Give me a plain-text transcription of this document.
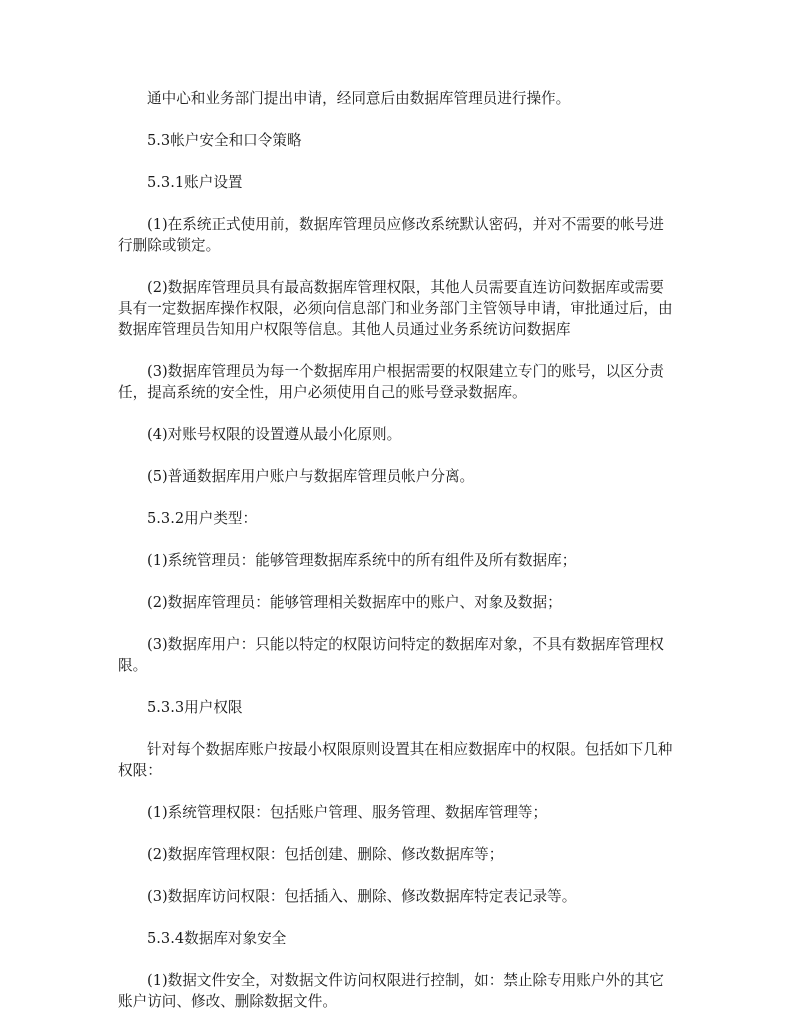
通中心和业务部门提出申请，经同意后由数据库管理员进行操作。

5.3帐户安全和口令策略

5.3.1账户设置

(1)在系统正式使用前，数据库管理员应修改系统默认密码，并对不需要的帐号进行删除或锁定。

(2)数据库管理员具有最高数据库管理权限，其他人员需要直连访问数据库或需要具有一定数据库操作权限，必须向信息部门和业务部门主管领导申请，审批通过后，由数据库管理员告知用户权限等信息。其他人员通过业务系统访问数据库

(3)数据库管理员为每一个数据库用户根据需要的权限建立专门的账号，以区分责任，提高系统的安全性，用户必须使用自己的账号登录数据库。

(4)对账号权限的设置遵从最小化原则。

(5)普通数据库用户账户与数据库管理员帐户分离。

5.3.2用户类型：

(1)系统管理员：能够管理数据库系统中的所有组件及所有数据库；

(2)数据库管理员：能够管理相关数据库中的账户、对象及数据；

(3)数据库用户：只能以特定的权限访问特定的数据库对象，不具有数据库管理权限。

5.3.3用户权限

针对每个数据库账户按最小权限原则设置其在相应数据库中的权限。包括如下几种权限：

(1)系统管理权限：包括账户管理、服务管理、数据库管理等；

(2)数据库管理权限：包括创建、删除、修改数据库等；

(3)数据库访问权限：包括插入、删除、修改数据库特定表记录等。

5.3.4数据库对象安全

(1)数据文件安全，对数据文件访问权限进行控制，如：禁止除专用账户外的其它账户访问、修改、删除数据文件。
